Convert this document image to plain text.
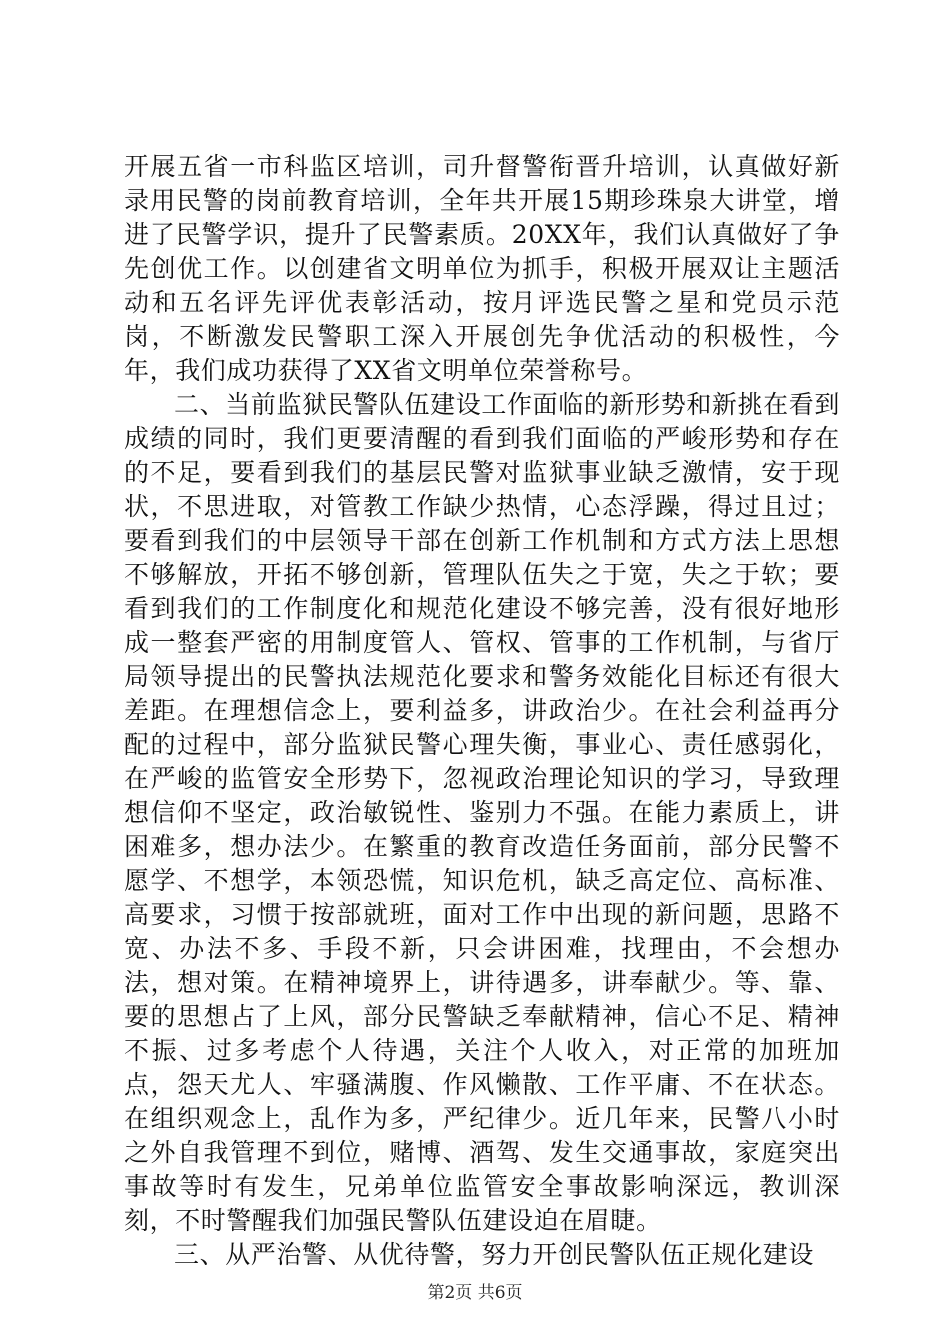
开展五省一市科监区培训，司升督警衔晋升培训，认真做好新录用民警的岗前教育培训，全年共开展15期珍珠泉大讲堂，增进了民警学识，提升了民警素质。20XX年，我们认真做好了争先创优工作。以创建省文明单位为抓手，积极开展双让主题活动和五名评先评优表彰活动，按月评选民警之星和党员示范岗，不断激发民警职工深入开展创先争优活动的积极性，今年，我们成功获得了XX省文明单位荣誉称号。

二、当前监狱民警队伍建设工作面临的新形势和新挑在看到成绩的同时，我们更要清醒的看到我们面临的严峻形势和存在的不足，要看到我们的基层民警对监狱事业缺乏激情，安于现状，不思进取，对管教工作缺少热情，心态浮躁，得过且过；要看到我们的中层领导干部在创新工作机制和方式方法上思想不够解放，开拓不够创新，管理队伍失之于宽，失之于软；要看到我们的工作制度化和规范化建设不够完善，没有很好地形成一整套严密的用制度管人、管权、管事的工作机制，与省厅局领导提出的民警执法规范化要求和警务效能化目标还有很大差距。在理想信念上，要利益多，讲政治少。在社会利益再分配的过程中，部分监狱民警心理失衡，事业心、责任感弱化，在严峻的监管安全形势下，忽视政治理论知识的学习，导致理想信仰不坚定，政治敏锐性、鉴别力不强。在能力素质上，讲困难多，想办法少。在繁重的教育改造任务面前，部分民警不愿学、不想学，本领恐慌，知识危机，缺乏高定位、高标准、高要求，习惯于按部就班，面对工作中出现的新问题，思路不宽、办法不多、手段不新，只会讲困难，找理由，不会想办法，想对策。在精神境界上，讲待遇多，讲奉献少。等、靠、要的思想占了上风，部分民警缺乏奉献精神，信心不足、精神不振、过多考虑个人待遇，关注个人收入，对正常的加班加点，怨天尤人、牢骚满腹、作风懒散、工作平庸、不在状态。在组织观念上，乱作为多，严纪律少。近几年来，民警八小时之外自我管理不到位，赌博、酒驾、发生交通事故，家庭突出事故等时有发生，兄弟单位监管安全事故影响深远，教训深刻，不时警醒我们加强民警队伍建设迫在眉睫。

三、从严治警、从优待警，努力开创民警队伍正规化建设

第2页 共6页
